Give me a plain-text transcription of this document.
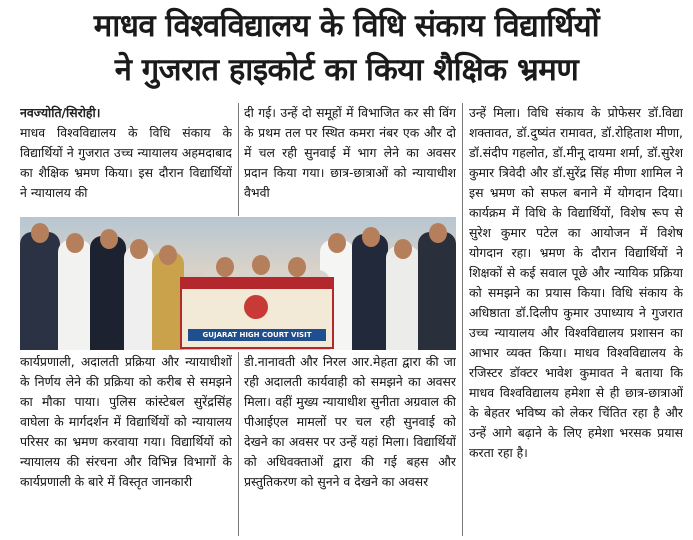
माधव विश्वविद्यालय के विधि संकाय विद्यार्थियों
ने गुजरात हाइकोर्ट का किया शैक्षिक भ्रमण

नवज्योति/सिरोही।

माधव विश्वविद्यालय के विधि संकाय के विद्यार्थियों ने गुजरात उच्च न्यायालय अहमदाबाद का शैक्षिक भ्रमण किया। इस दौरान विद्यार्थियों ने न्यायालय की

दी गई। उन्हें दो समूहों में विभाजित कर सी विंग के प्रथम तल पर स्थित कमरा नंबर एक और दो में चल रही सुनवाई में भाग लेने का अवसर प्रदान किया गया। छात्र-छात्राओं को न्यायाधीश वैभवी

उन्हें मिला। विधि संकाय के प्रोफेसर डॉ.विद्या शक्तावत, डॉ.दुष्यंत रामावत, डॉ.रोहिताश मीणा, डॉ.संदीप गहलोत, डॉ.मीनू दायमा शर्मा, डॉ.सुरेश कुमार त्रिवेदी और डॉ.सुरेंद्र सिंह मीणा शामिल ने इस भ्रमण को सफल बनाने में योगदान दिया। कार्यक्रम में विधि के विद्यार्थियों, विशेष रूप से सुरेश कुमार पटेल का आयोजन में विशेष योगदान रहा। भ्रमण के दौरान विद्यार्थियों ने शिक्षकों से कई सवाल पूछे और न्यायिक प्रक्रिया को समझने का प्रयास किया। विधि संकाय के अधिष्ठाता डॉ.दिलीप कुमार उपाध्याय ने गुजरात उच्च न्यायालय और विश्वविद्यालय प्रशासन का आभार व्यक्त किया। माधव विश्वविद्यालय के रजिस्टर डॉक्टर भावेश कुमावत ने बताया कि माधव विश्वविद्यालय हमेशा से ही छात्र-छात्राओं के बेहतर भविष्य को लेकर चिंतित रहा है और उन्हें आगे बढ़ाने के लिए हमेशा भरसक प्रयास करता रहा है।

GUJARAT HIGH COURT VISIT

कार्यप्रणाली, अदालती प्रक्रिया और न्यायाधीशों के निर्णय लेने की प्रक्रिया को करीब से समझने का मौका पाया। पुलिस कांस्टेबल सुरेंद्रसिंह वाघेला के मार्गदर्शन में विद्यार्थियों को न्यायालय परिसर का भ्रमण करवाया गया। विद्यार्थियों को न्यायालय की संरचना और विभिन्न विभागों के कार्यप्रणाली के बारे में विस्तृत जानकारी

डी.नानावती और निरल आर.मेहता द्वारा की जा रही अदालती कार्यवाही को समझने का अवसर मिला। वहीं मुख्य न्यायाधीश सुनीता अग्रवाल की पीआईएल मामलों पर चल रही सुनवाई को देखने का अवसर पर उन्हें यहां मिला। विद्यार्थियों को अधिवक्ताओं द्वारा की गई बहस और प्रस्तुतिकरण को सुनने व देखने का अवसर
